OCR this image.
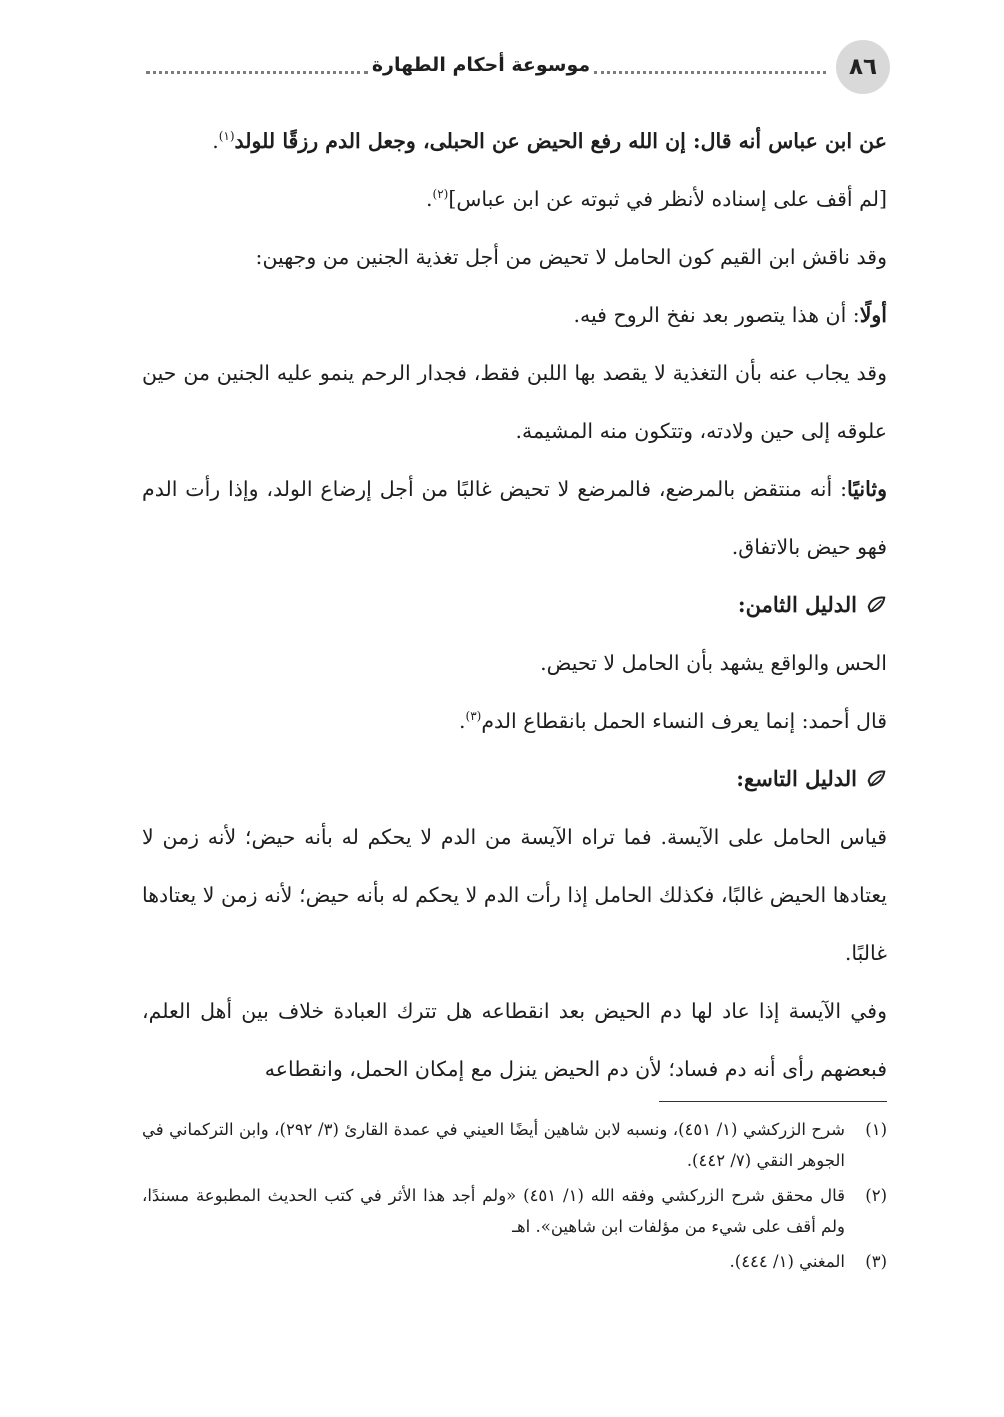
٨٦
موسوعة أحكام الطهارة

عن ابن عباس أنه قال: إن الله رفع الحيض عن الحبلى، وجعل الدم رزقًا للولد$^{(١)}$.

[لم أقف على إسناده لأنظر في ثبوته عن ابن عباس]$^{(٢)}$.

وقد ناقش ابن القيم كون الحامل لا تحيض من أجل تغذية الجنين من وجهين:

أولًا: أن هذا يتصور بعد نفخ الروح فيه.

وقد يجاب عنه بأن التغذية لا يقصد بها اللبن فقط، فجدار الرحم ينمو عليه الجنين من حين علوقه إلى حين ولادته، وتتكون منه المشيمة.

وثانيًا: أنه منتقض بالمرضع، فالمرضع لا تحيض غالبًا من أجل إرضاع الولد، وإذا رأت الدم فهو حيض بالاتفاق.

الدليل الثامن:

الحس والواقع يشهد بأن الحامل لا تحيض.

قال أحمد: إنما يعرف النساء الحمل بانقطاع الدم$^{(٣)}$.

الدليل التاسع:

قياس الحامل على الآيسة. فما تراه الآيسة من الدم لا يحكم له بأنه حيض؛ لأنه زمن لا يعتادها الحيض غالبًا، فكذلك الحامل إذا رأت الدم لا يحكم له بأنه حيض؛ لأنه زمن لا يعتادها غالبًا.

وفي الآيسة إذا عاد لها دم الحيض بعد انقطاعه هل تترك العبادة خلاف بين أهل العلم، فبعضهم رأى أنه دم فساد؛ لأن دم الحيض ينزل مع إمكان الحمل، وانقطاعه

(١)
شرح الزركشي (١/ ٤٥١)، ونسبه لابن شاهين أيضًا العيني في عمدة القارئ (٣/ ٢٩٢)، وابن التركماني في الجوهر النقي (٧/ ٤٤٢).
(٢)
قال محقق شرح الزركشي وفقه الله (١/ ٤٥١) «ولم أجد هذا الأثر في كتب الحديث المطبوعة مسندًا، ولم أقف على شيء من مؤلفات ابن شاهين». اهـ
(٣)
المغني (١/ ٤٤٤).
